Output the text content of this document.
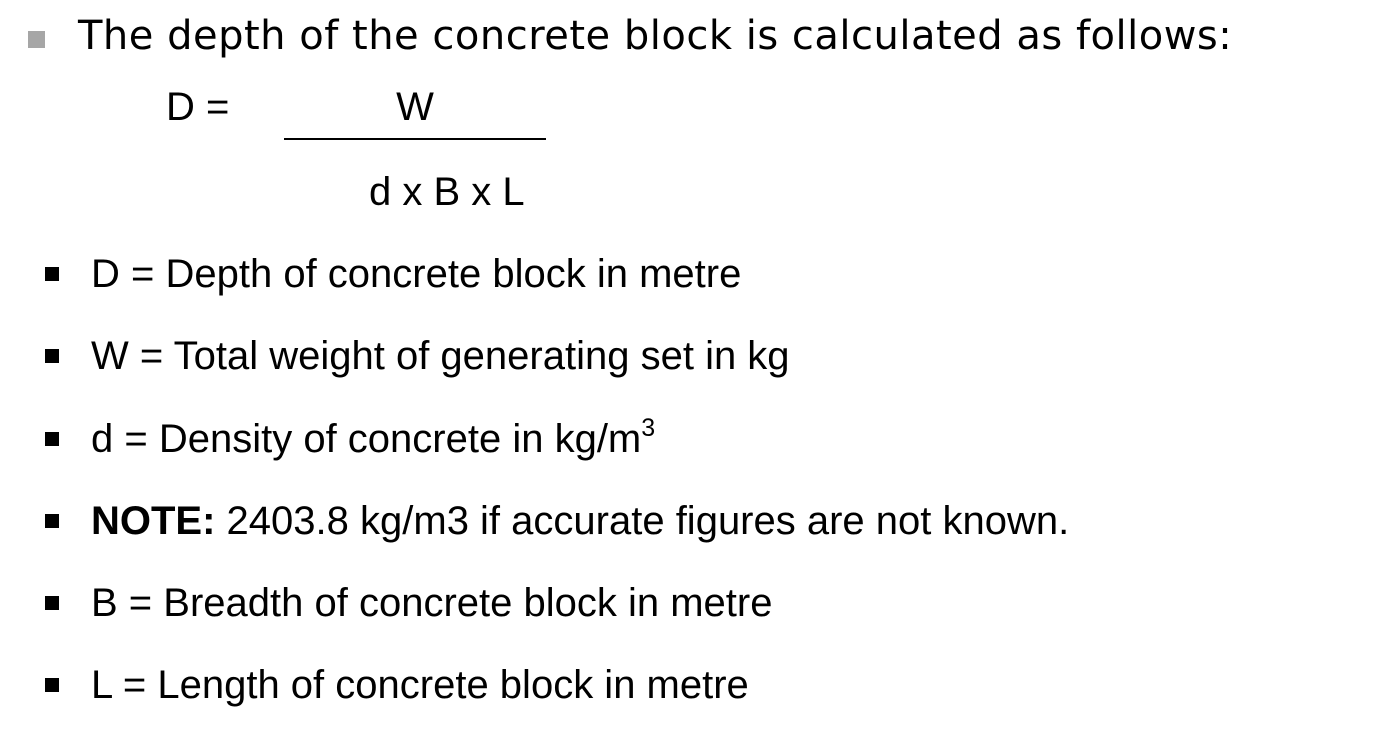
The depth of the concrete block is calculated as follows:
D =	W
d x B x L
D = Depth of concrete block in metre
W = Total weight of generating set in kg
d = Density of concrete in $kg/m^3$
NOTE: 2403.8 kg/m3 if accurate figures are not known.
B = Breadth of concrete block in metre
L = Length of concrete block in metre
